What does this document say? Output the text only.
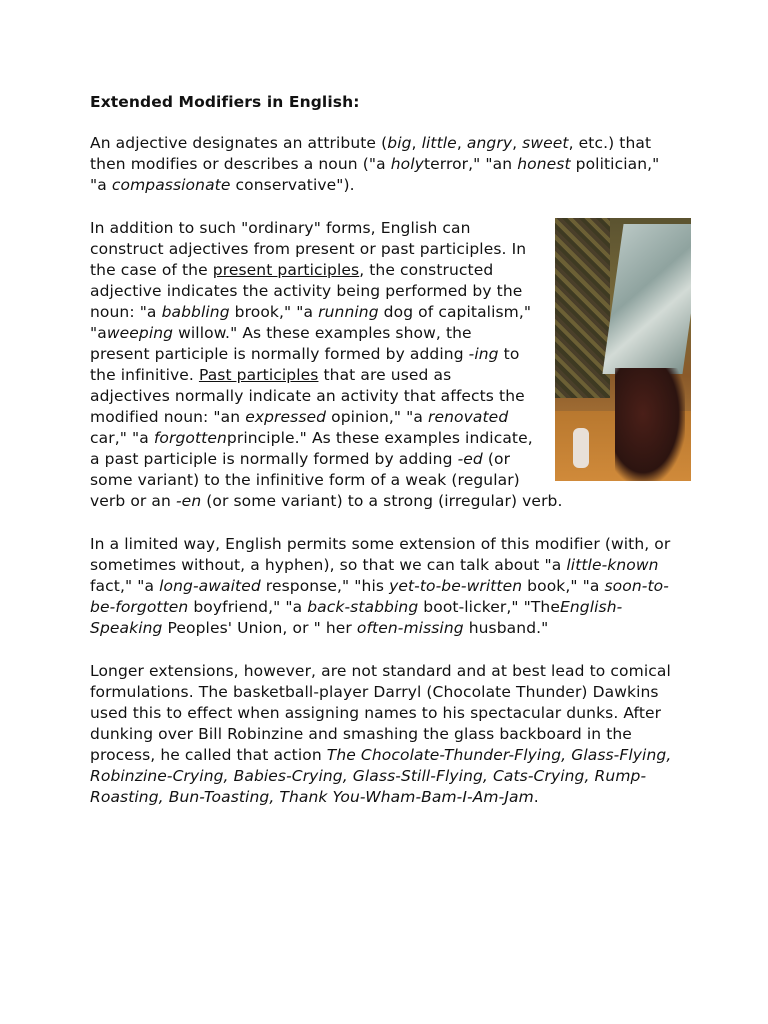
Extended Modifiers in English:

An adjective designates an attribute (big, little, angry, sweet, etc.) that then modifies or describes a noun ("a holyterror," "an honest politician," "a compassionate conservative").

In addition to such "ordinary" forms, English can construct adjectives from present or past participles. In the case of the present participles, the constructed adjective indicates the activity being performed by the noun: "a babbling brook," "a running dog of capitalism," "aweeping willow." As these examples show, the present participle is normally formed by adding -ing to the infinitive. Past participles that are used as adjectives normally indicate an activity that affects the modified noun: "an expressed opinion," "a renovated car," "a forgottenprinciple." As these examples indicate, a past participle is normally formed by adding -ed (or some variant) to the infinitive form of a weak (regular) verb or an -en (or some variant) to a strong (irregular) verb.

In a limited way, English permits some extension of this modifier (with, or sometimes without, a hyphen), so that we can talk about "a little-known fact," "a long-awaited response," "his yet-to-be-written book," "a soon-to-be-forgotten boyfriend," "a back-stabbing boot-licker," "TheEnglish-Speaking Peoples' Union, or " her often-missing husband."

Longer extensions, however, are not standard and at best lead to comical formulations. The basketball-player Darryl (Chocolate Thunder) Dawkins used this to effect when assigning names to his spectacular dunks. After dunking over Bill Robinzine and smashing the glass backboard in the process, he called that action The Chocolate-Thunder-Flying, Glass-Flying, Robinzine-Crying, Babies-Crying, Glass-Still-Flying, Cats-Crying, Rump-Roasting, Bun-Toasting, Thank You-Wham-Bam-I-Am-Jam.
